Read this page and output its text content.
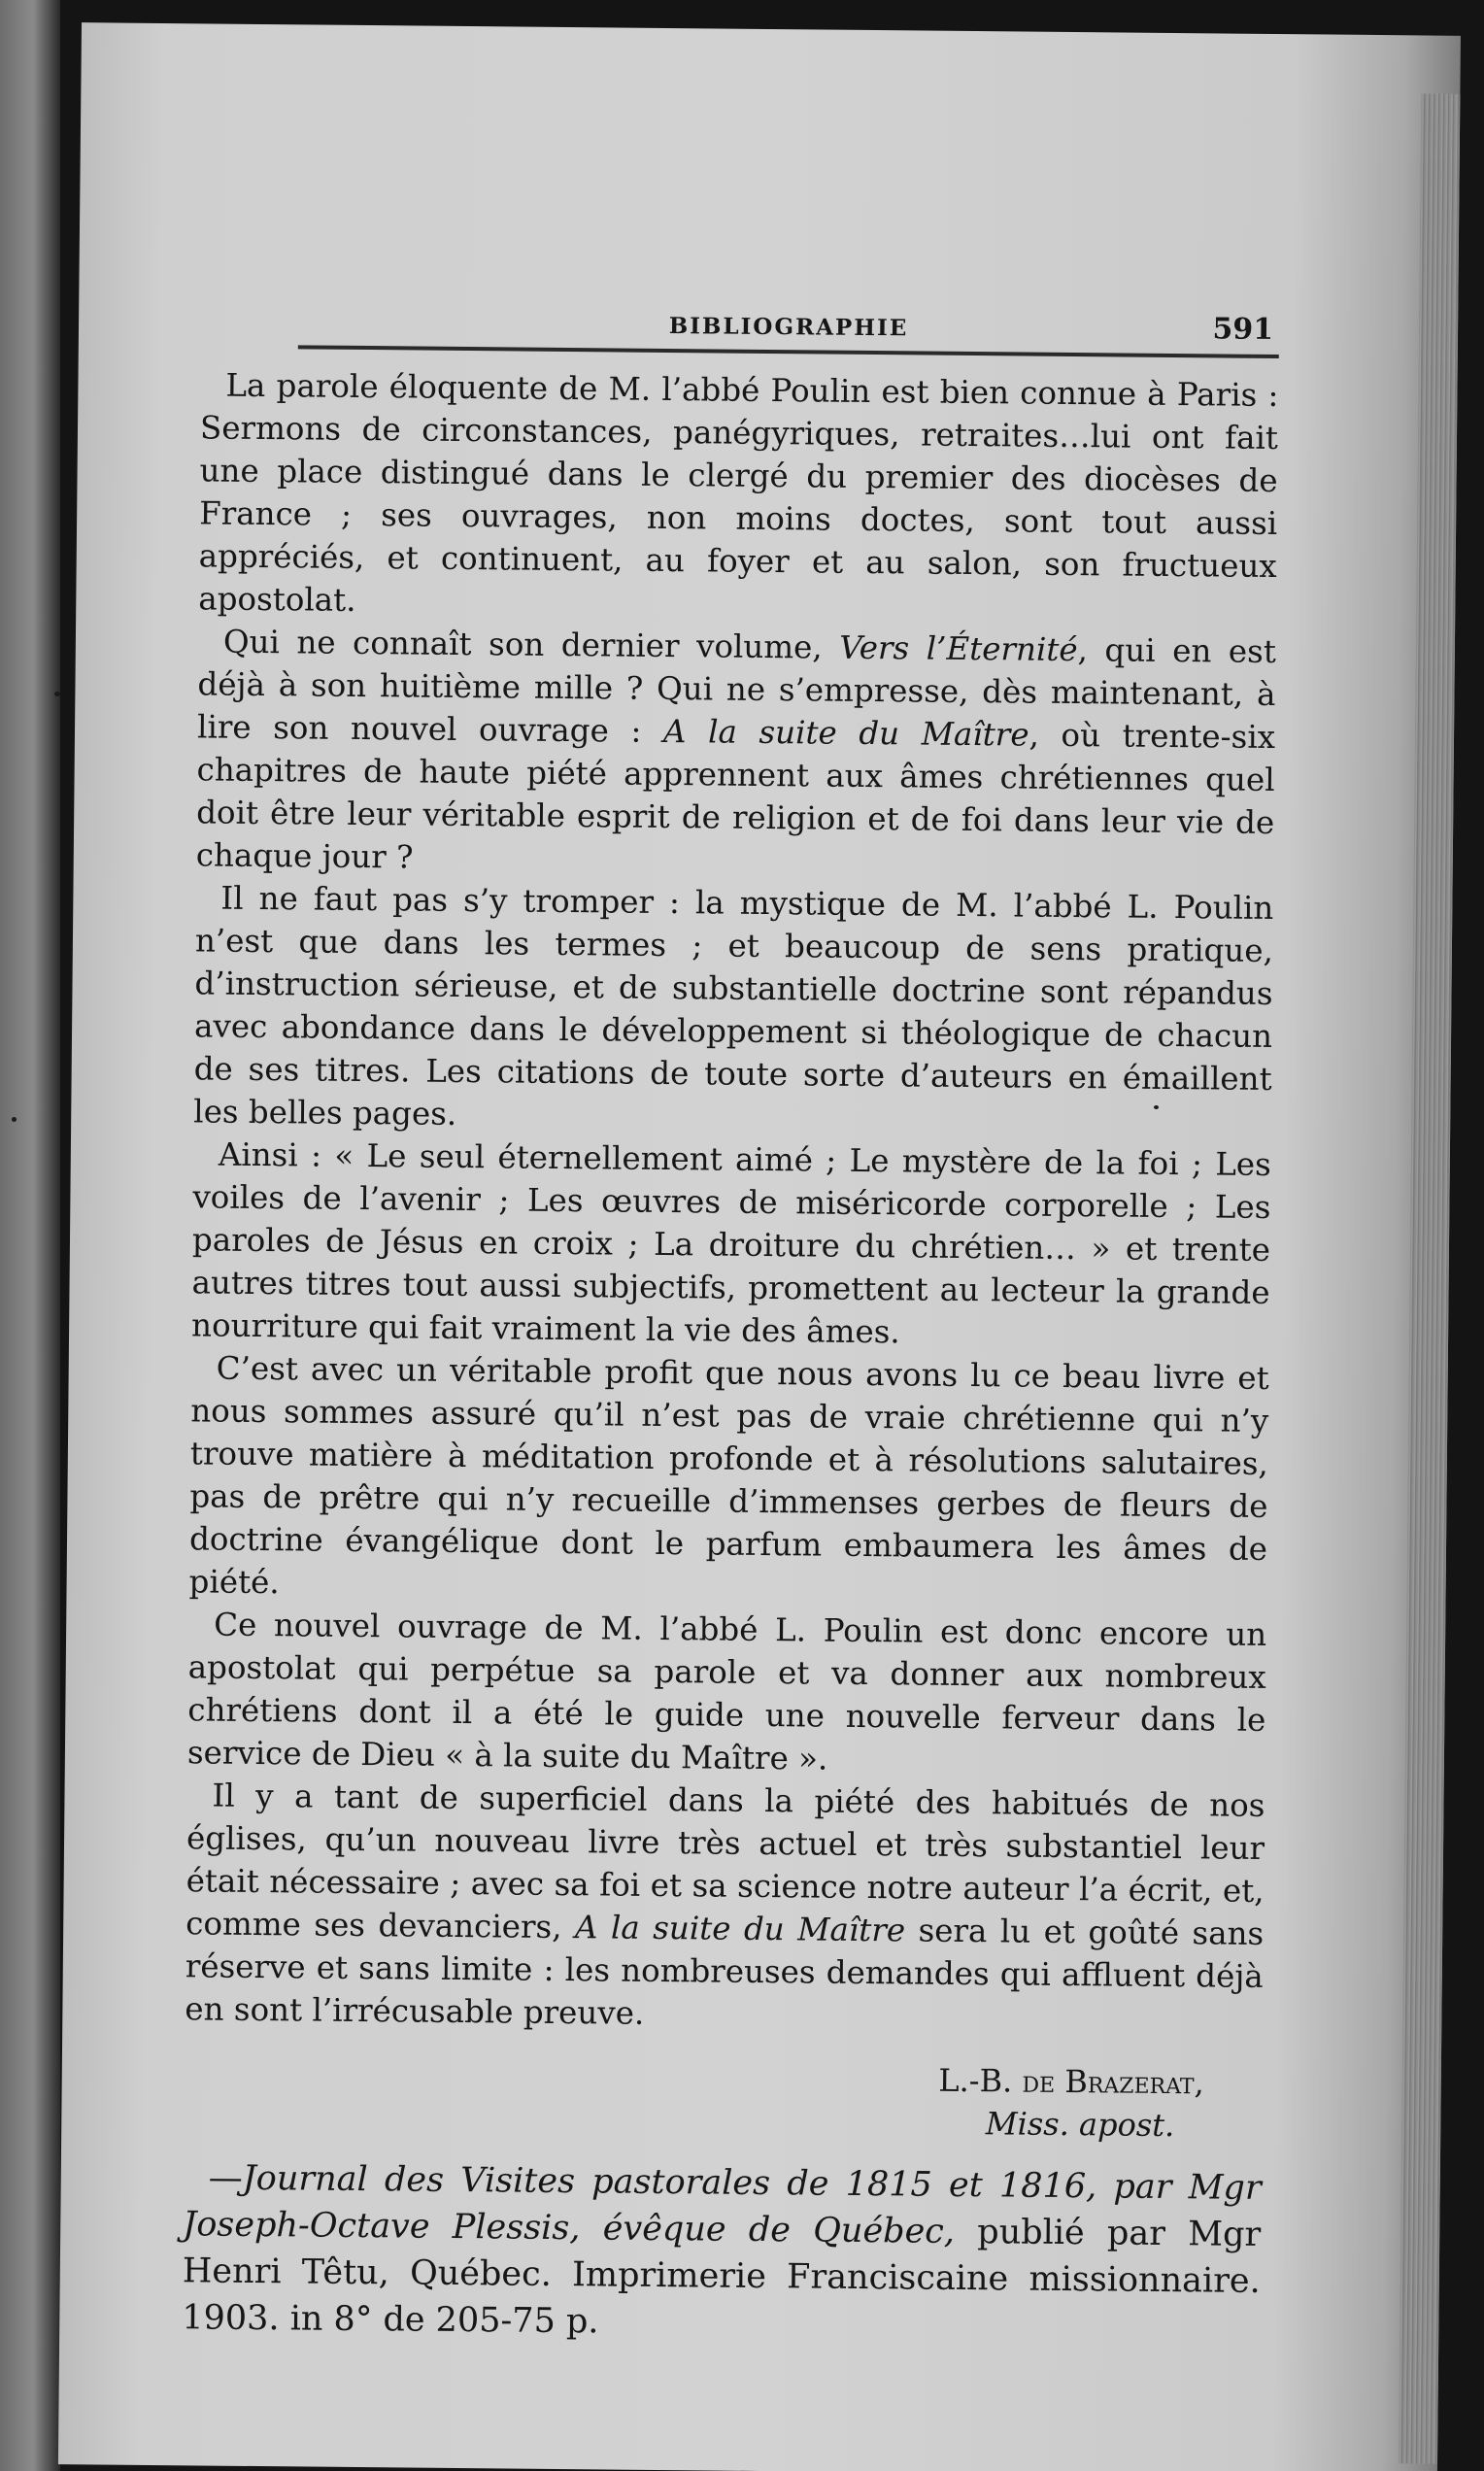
BIBLIOGRAPHIE	591

La parole éloquente de M. l’abbé Poulin est bien connue à Paris : Sermons de circonstances, panégyriques, retraites…lui ont fait une place distingué dans le clergé du premier des diocèses de France ; ses ouvrages, non moins doctes, sont tout aussi appréciés, et continuent, au foyer et au salon, son fructueux apostolat.

Qui ne connaît son dernier volume, Vers l’Éternité, qui en est déjà à son huitième mille ? Qui ne s’empresse, dès maintenant, à lire son nouvel ouvrage : A la suite du Maître, où trente-six chapitres de haute piété apprennent aux âmes chrétiennes quel doit être leur véritable esprit de religion et de foi dans leur vie de chaque jour ?

Il ne faut pas s’y tromper : la mystique de M. l’abbé L. Poulin n’est que dans les termes ; et beaucoup de sens pratique, d’instruction sérieuse, et de substantielle doctrine sont répandus avec abondance dans le développement si théologique de chacun de ses titres. Les citations de toute sorte d’auteurs en émaillent les belles pages.

Ainsi : « Le seul éternellement aimé ; Le mystère de la foi ; Les voiles de l’avenir ; Les œuvres de miséricorde corporelle ; Les paroles de Jésus en croix ; La droiture du chrétien… » et trente autres titres tout aussi subjectifs, promettent au lecteur la grande nourriture qui fait vraiment la vie des âmes.

C’est avec un véritable profit que nous avons lu ce beau livre et nous sommes assuré qu’il n’est pas de vraie chrétienne qui n’y trouve matière à méditation profonde et à résolutions salutaires, pas de prêtre qui n’y recueille d’immenses gerbes de fleurs de doctrine évangélique dont le parfum embaumera les âmes de piété.

Ce nouvel ouvrage de M. l’abbé L. Poulin est donc encore un apostolat qui perpétue sa parole et va donner aux nombreux chrétiens dont il a été le guide une nouvelle ferveur dans le service de Dieu « à la suite du Maître ».

Il y a tant de superficiel dans la piété des habitués de nos églises, qu’un nouveau livre très actuel et très substantiel leur était nécessaire ; avec sa foi et sa science notre auteur l’a écrit, et, comme ses devanciers, A la suite du Maître sera lu et goûté sans réserve et sans limite : les nombreuses demandes qui affluent déjà en sont l’irrécusable preuve.

L.-B. de Brazerat,
Miss. apost.

—Journal des Visites pastorales de 1815 et 1816, par Mgr Joseph-Octave Plessis, évêque de Québec, publié par Mgr Henri Têtu, Québec. Imprimerie Franciscaine missionnaire. 1903. in 8° de 205-75 p.
